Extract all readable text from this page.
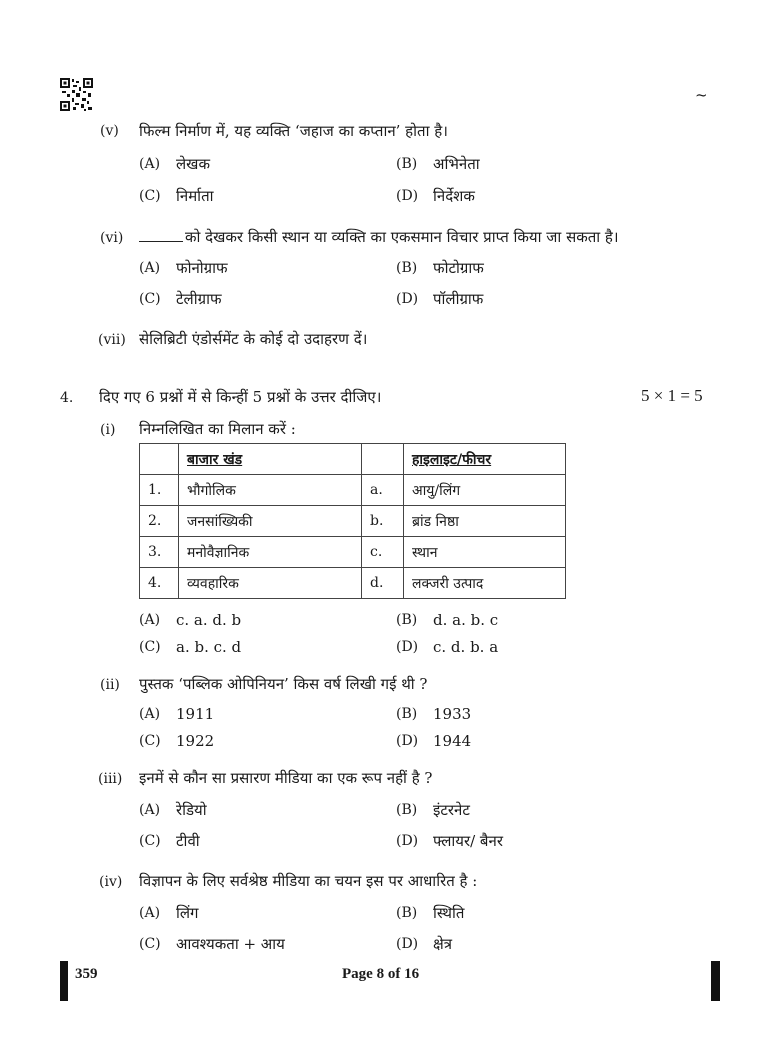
~
(v) फिल्म निर्माण में, यह व्यक्ति ‘जहाज का कप्तान’ होता है।
(A) लेखक	(B) अभिनेता
(C) निर्माता	(D) निर्देशक
(vi)	को देखकर किसी स्थान या व्यक्ति का एकसमान विचार प्राप्त किया जा सकता है।
(A) फोनोग्राफ	(B) फोटोग्राफ
(C) टेलीग्राफ	(D) पॉलीग्राफ
(vii) सेलिब्रिटी एंडोर्समेंट के कोई दो उदाहरण दें।
4. दिए गए 6 प्रश्नों में से किन्हीं 5 प्रश्नों के उत्तर दीजिए।	5 × 1 = 5
(i) निम्नलिखित का मिलान करें :
	बाजार खंड		हाइलाइट/फीचर
1.	भौगोलिक	a.	आयु/लिंग
2.	जनसांख्यिकी	b.	ब्रांड निष्ठा
3.	मनोवैज्ञानिक	c.	स्थान
4.	व्यवहारिक	d.	लक्जरी उत्पाद
(A) c. a. d. b	(B) d. a. b. c
(C) a. b. c. d	(D) c. d. b. a
(ii) पुस्तक ‘पब्लिक ओपिनियन’ किस वर्ष लिखी गई थी ?
(A) 1911	(B) 1933
(C) 1922	(D) 1944
(iii) इनमें से कौन सा प्रसारण मीडिया का एक रूप नहीं है ?
(A) रेडियो	(B) इंटरनेट
(C) टीवी	(D) फ्लायर/ बैनर
(iv) विज्ञापन के लिए सर्वश्रेष्ठ मीडिया का चयन इस पर आधारित है :
(A) लिंग	(B) स्थिति
(C) आवश्यकता + आय	(D) क्षेत्र
359	Page 8 of 16
